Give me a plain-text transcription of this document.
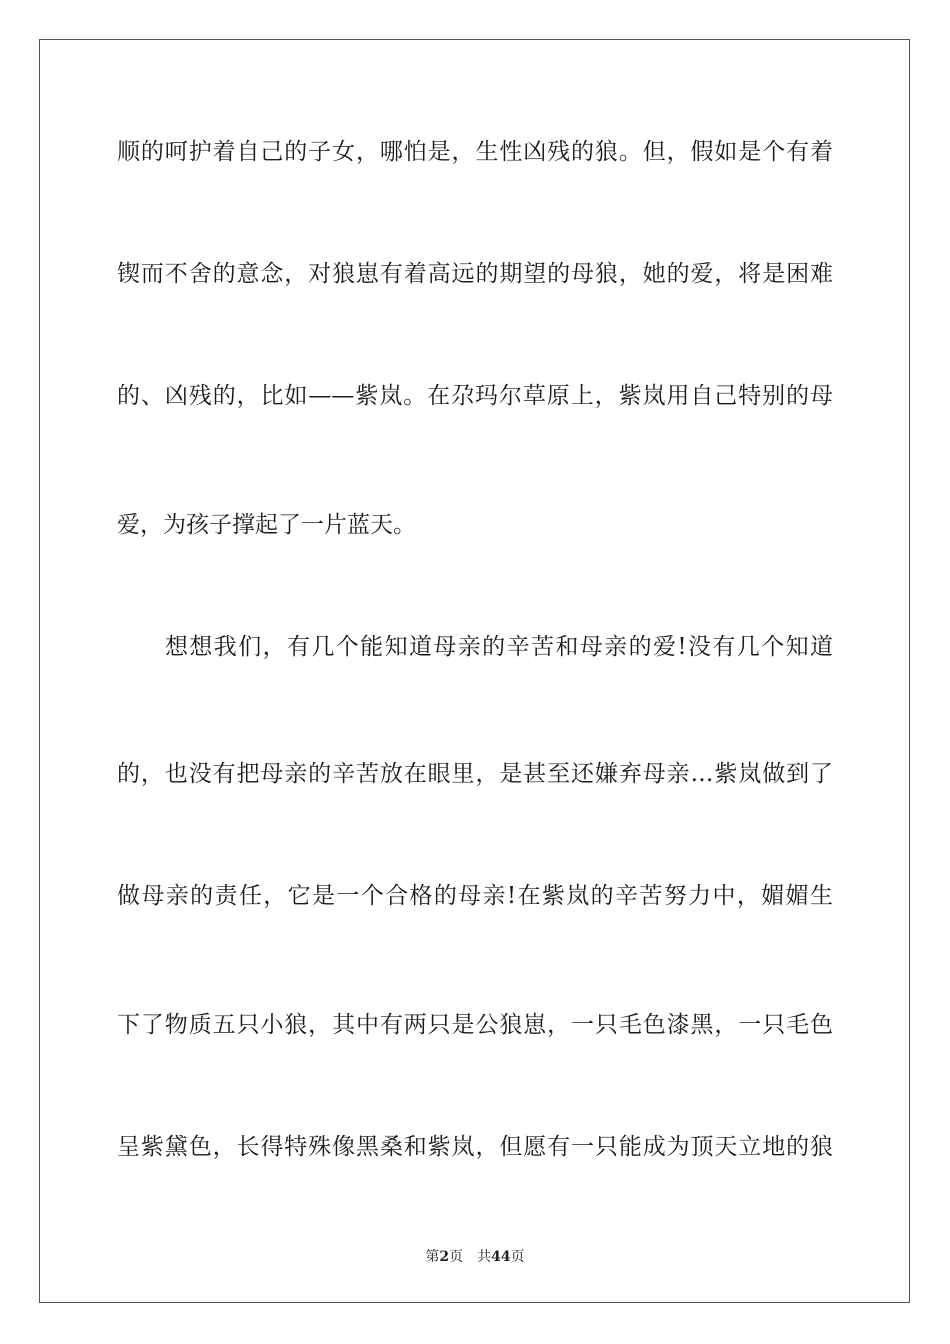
顺的呵护着自己的子女，哪怕是，生性凶残的狼。但，假如是个有着
锲而不舍的意念，对狼崽有着高远的期望的母狼，她的爱，将是困难
的、凶残的，比如——紫岚。在尕玛尔草原上，紫岚用自己特别的母
爱，为孩子撑起了一片蓝天。
想想我们，有几个能知道母亲的辛苦和母亲的爱!没有几个知道
的，也没有把母亲的辛苦放在眼里，是甚至还嫌弃母亲…紫岚做到了
做母亲的责任，它是一个合格的母亲!在紫岚的辛苦努力中，媚媚生
下了物质五只小狼，其中有两只是公狼崽，一只毛色漆黑，一只毛色
呈紫黛色，长得特殊像黑桑和紫岚，但愿有一只能成为顶天立地的狼
第2页 共44页
